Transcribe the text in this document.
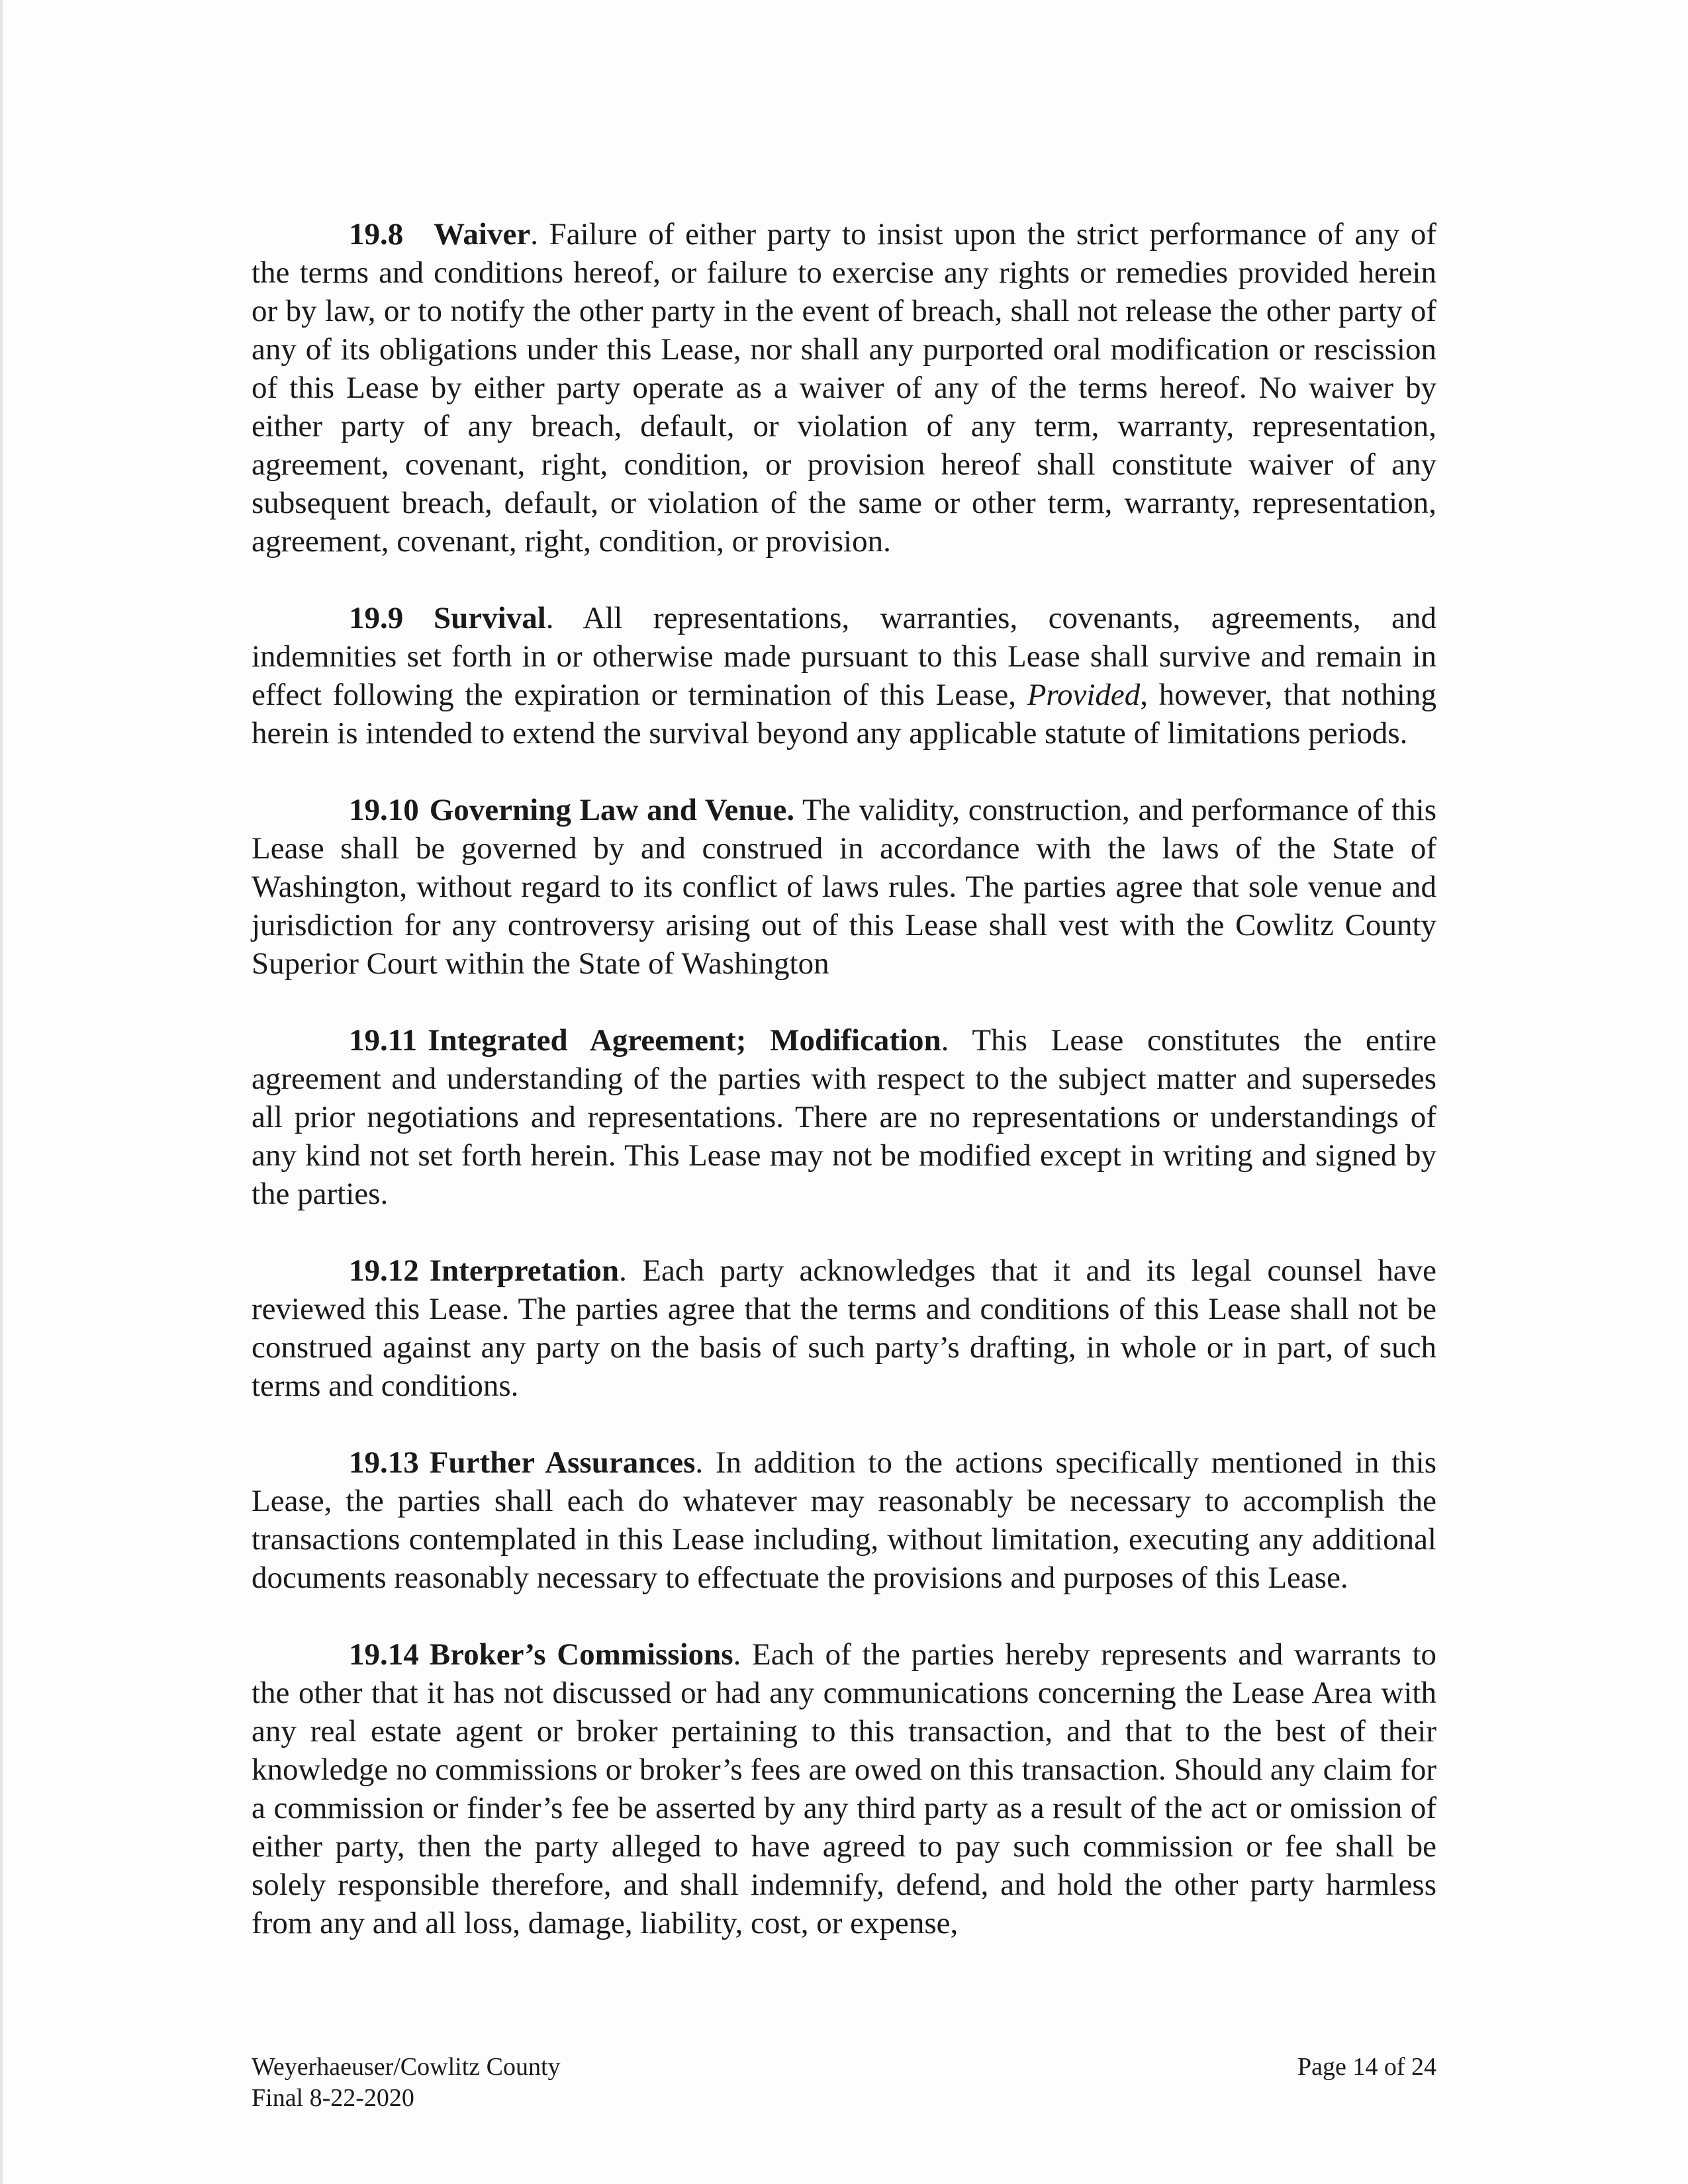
19.8 Waiver. Failure of either party to insist upon the strict performance of any of the terms and conditions hereof, or failure to exercise any rights or remedies provided herein or by law, or to notify the other party in the event of breach, shall not release the other party of any of its obligations under this Lease, nor shall any purported oral modification or rescission of this Lease by either party operate as a waiver of any of the terms hereof. No waiver by either party of any breach, default, or violation of any term, warranty, representation, agreement, covenant, right, condition, or provision hereof shall constitute waiver of any subsequent breach, default, or violation of the same or other term, warranty, representation, agreement, covenant, right, condition, or provision.

19.9 Survival. All representations, warranties, covenants, agreements, and indemnities set forth in or otherwise made pursuant to this Lease shall survive and remain in effect following the expiration or termination of this Lease, Provided, however, that nothing herein is intended to extend the survival beyond any applicable statute of limitations periods.

19.10 Governing Law and Venue. The validity, construction, and performance of this Lease shall be governed by and construed in accordance with the laws of the State of Washington, without regard to its conflict of laws rules. The parties agree that sole venue and jurisdiction for any controversy arising out of this Lease shall vest with the Cowlitz County Superior Court within the State of Washington

19.11 Integrated Agreement; Modification. This Lease constitutes the entire agreement and understanding of the parties with respect to the subject matter and supersedes all prior negotiations and representations. There are no representations or understandings of any kind not set forth herein. This Lease may not be modified except in writing and signed by the parties.

19.12 Interpretation. Each party acknowledges that it and its legal counsel have reviewed this Lease. The parties agree that the terms and conditions of this Lease shall not be construed against any party on the basis of such party’s drafting, in whole or in part, of such terms and conditions.

19.13 Further Assurances. In addition to the actions specifically mentioned in this Lease, the parties shall each do whatever may reasonably be necessary to accomplish the transactions contemplated in this Lease including, without limitation, executing any additional documents reasonably necessary to effectuate the provisions and purposes of this Lease.

19.14 Broker’s Commissions. Each of the parties hereby represents and warrants to the other that it has not discussed or had any communications concerning the Lease Area with any real estate agent or broker pertaining to this transaction, and that to the best of their knowledge no commissions or broker’s fees are owed on this transaction. Should any claim for a commission or finder’s fee be asserted by any third party as a result of the act or omission of either party, then the party alleged to have agreed to pay such commission or fee shall be solely responsible therefore, and shall indemnify, defend, and hold the other party harmless from any and all loss, damage, liability, cost, or expense,

Weyerhaeuser/Cowlitz County
Final 8-22-2020
Page 14 of 24
